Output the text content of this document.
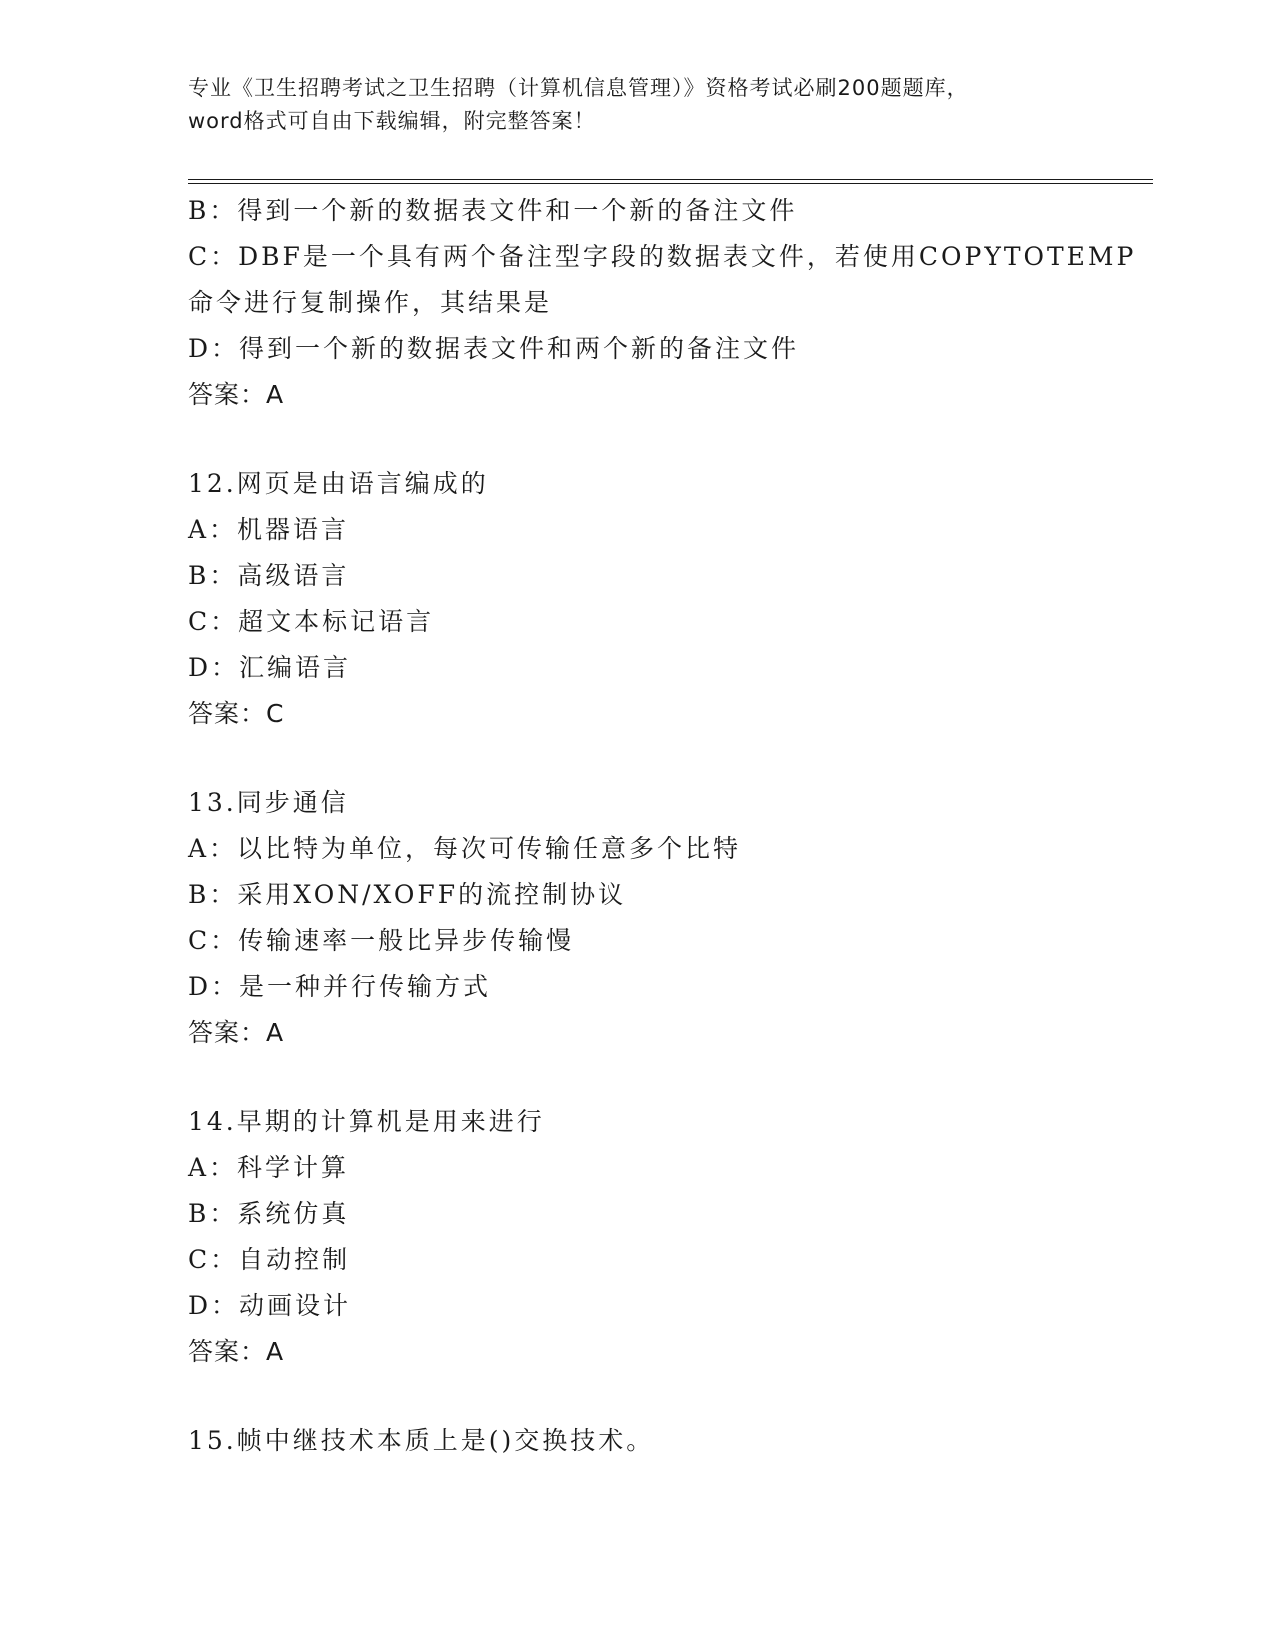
专业《卫生招聘考试之卫生招聘（计算机信息管理）》资格考试必刷200题题库，
word格式可自由下载编辑，附完整答案！
B：得到一个新的数据表文件和一个新的备注文件
C：DBF是一个具有两个备注型字段的数据表文件，若使用COPYTOTEMP
命令进行复制操作，其结果是
D：得到一个新的数据表文件和两个新的备注文件
答案：A
12.网页是由语言编成的
A：机器语言
B：高级语言
C：超文本标记语言
D：汇编语言
答案：C
13.同步通信
A：以比特为单位，每次可传输任意多个比特
B：采用XON/XOFF的流控制协议
C：传输速率一般比异步传输慢
D：是一种并行传输方式
答案：A
14.早期的计算机是用来进行
A：科学计算
B：系统仿真
C：自动控制
D：动画设计
答案：A
15.帧中继技术本质上是()交换技术。
